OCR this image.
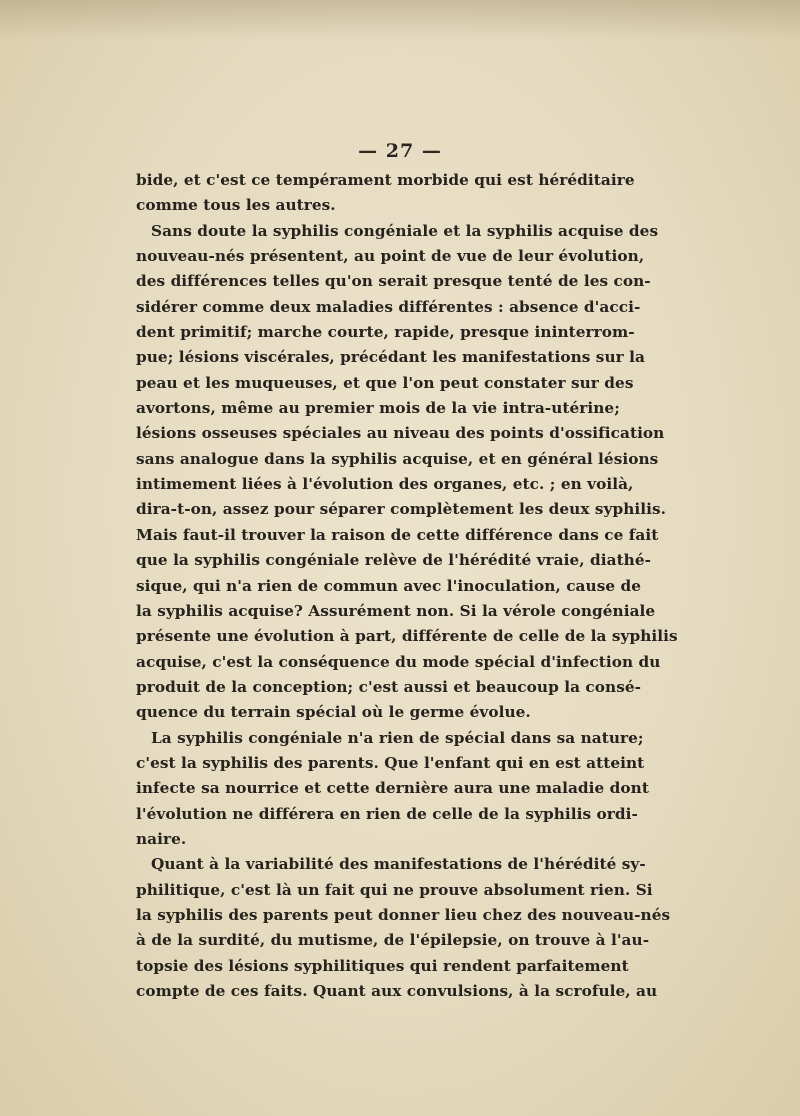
— 27 —
bide, et c'est ce tempérament morbide qui est héréditaire
comme tous les autres.
Sans doute la syphilis congéniale et la syphilis acquise des
nouveau-nés présentent, au point de vue de leur évolution,
des différences telles qu'on serait presque tenté de les con-
sidérer comme deux maladies différentes : absence d'acci-
dent primitif; marche courte, rapide, presque ininterrom-
pue; lésions viscérales, précédant les manifestations sur la
peau et les muqueuses, et que l'on peut constater sur des
avortons, même au premier mois de la vie intra-utérine;
lésions osseuses spéciales au niveau des points d'ossification
sans analogue dans la syphilis acquise, et en général lésions
intimement liées à l'évolution des organes, etc. ; en voilà,
dira-t-on, assez pour séparer complètement les deux syphilis.
Mais faut-il trouver la raison de cette différence dans ce fait
que la syphilis congéniale relève de l'hérédité vraie, diathé-
sique, qui n'a rien de commun avec l'inoculation, cause de
la syphilis acquise? Assurément non. Si la vérole congéniale
présente une évolution à part, différente de celle de la syphilis
acquise, c'est la conséquence du mode spécial d'infection du
produit de la conception; c'est aussi et beaucoup la consé-
quence du terrain spécial où le germe évolue.
La syphilis congéniale n'a rien de spécial dans sa nature;
c'est la syphilis des parents. Que l'enfant qui en est atteint
infecte sa nourrice et cette dernière aura une maladie dont
l'évolution ne différera en rien de celle de la syphilis ordi-
naire.
Quant à la variabilité des manifestations de l'hérédité sy-
philitique, c'est là un fait qui ne prouve absolument rien. Si
la syphilis des parents peut donner lieu chez des nouveau-nés
à de la surdité, du mutisme, de l'épilepsie, on trouve à l'au-
topsie des lésions syphilitiques qui rendent parfaitement
compte de ces faits. Quant aux convulsions, à la scrofule, au
